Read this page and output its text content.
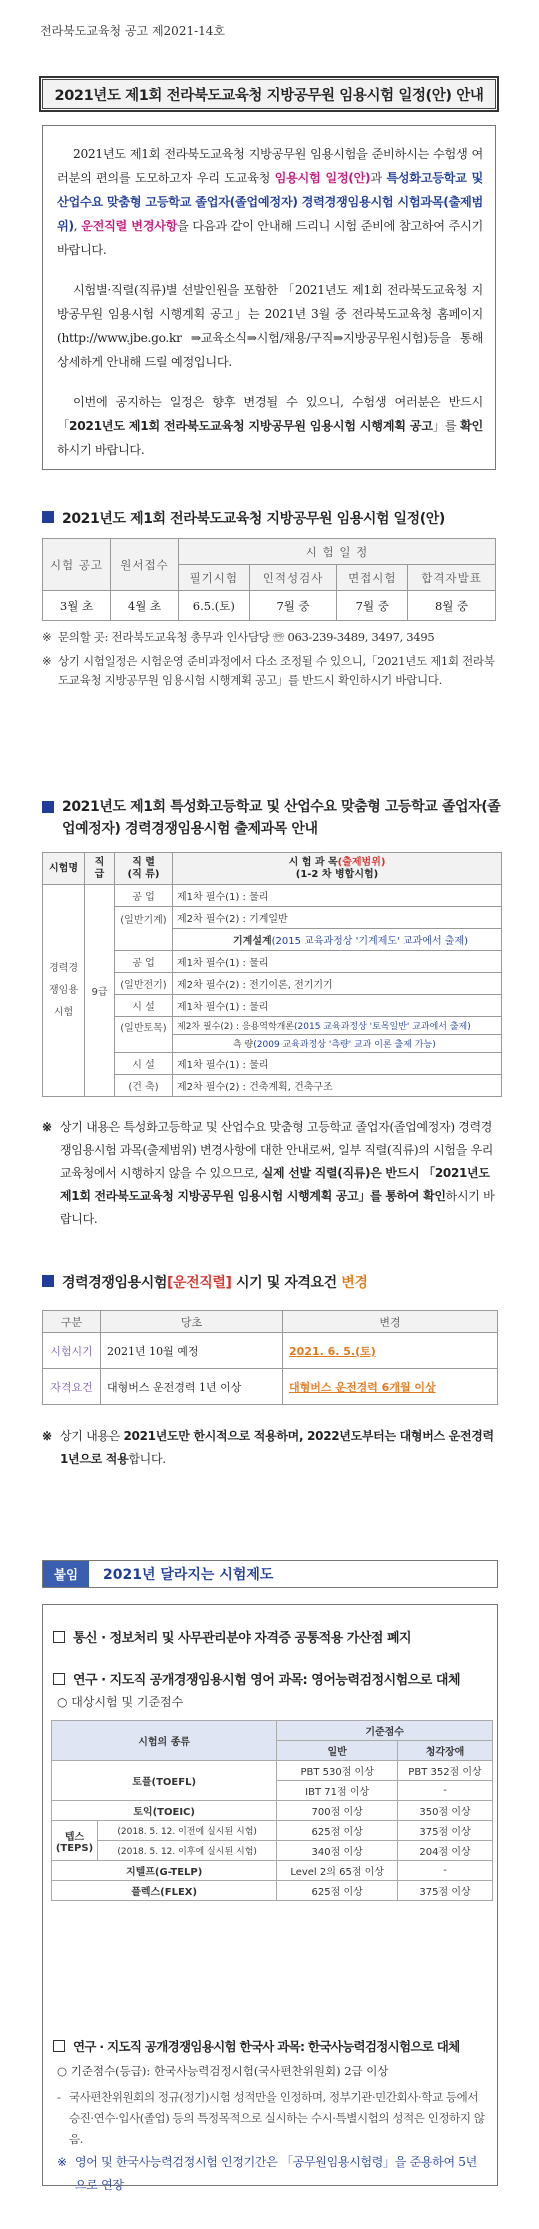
전라북도교육청 공고 제2021-14호
2021년도 제1회 전라북도교육청 지방공무원 임용시험 일정(안) 안내

2021년도 제1회 전라북도교육청 지방공무원 임용시험을 준비하시는 수험생 여러분의 편의를 도모하고자 우리 도교육청 임용시험 일정(안)과 특성화고등학교 및 산업수요 맞춤형 고등학교 졸업자(졸업예정자) 경력경쟁임용시험 시험과목(출제범위), 운전직렬 변경사항을 다음과 같이 안내해 드리니 시험 준비에 참고하여 주시기 바랍니다.

시험별·직렬(직류)별 선발인원을 포함한 「2021년도 제1회 전라북도교육청 지방공무원 임용시험 시행계획 공고」는 2021년 3월 중 전라북도교육청 홈페이지(http://www.jbe.go.kr ⇒교육소식⇒시험/채용/구직⇒지방공무원시험)등을 통해 상세하게 안내해 드릴 예정입니다.

이번에 공지하는 일정은 향후 변경될 수 있으니, 수험생 여러분은 반드시 「2021년도 제1회 전라북도교육청 지방공무원 임용시험 시행계획 공고」를 확인하시기 바랍니다.

2021년도 제1회 전라북도교육청 지방공무원 임용시험 일정(안)
시험 공고	원서접수	시 험 일 정			
		필기시험	인적성검사	면접시험	합격자발표
3월 초	4월 초	6.5.(토)	7월 중	7월 중	8월 중
※ 문의할 곳: 전라북도교육청 총무과 인사담당 ☏ 063-239-3489, 3497, 3495
※ 상기 시험일정은 시험운영 준비과정에서 다소 조정될 수 있으니,「2021년도 제1회 전라북도교육청 지방공무원 임용시험 시행계획 공고」를 반드시 확인하시기 바랍니다.
2021년도 제1회 특성화고등학교 및 산업수요 맞춤형 고등학교 졸업자(졸업예정자) 경력경쟁임용시험 출제과목 안내
시험명	직 급	직 렬
(직 류)	시 험 과 목(출제범위)
(1-2 차 병합시험)
경력경쟁임용시험	9급	공 업	제1차 필수(1) : 물리
		(일반기계)	제2차 필수(2) : 기계일반
			기계설계(2015 교육과정상 '기계제도' 교과에서 출제)
		공 업	제1차 필수(1) : 물리
		(일반전기)	제2차 필수(2) : 전기이론, 전기기기
		시 설	제1차 필수(1) : 물리
		(일반토목)	제2차 필수(2) : 응용역학개론(2015 교육과정상 '토목일반' 교과에서 출제)
			측 량(2009 교육과정상 '측량' 교과 이론 출제 가능)
		시 설	제1차 필수(1) : 물리
		(건 축)	제2차 필수(2) : 건축계획, 건축구조
※ 상기 내용은 특성화고등학교 및 산업수요 맞춤형 고등학교 졸업자(졸업예정자) 경력경쟁임용시험 과목(출제범위) 변경사항에 대한 안내로써, 일부 직렬(직류)의 시험을 우리 교육청에서 시행하지 않을 수 있으므로, 실제 선발 직렬(직류)은 반드시 「2021년도 제1회 전라북도교육청 지방공무원 임용시험 시행계획 공고」를 통하여 확인하시기 바랍니다.
경력경쟁임용시험[운전직렬] 시기 및 자격요건 변경
구분	당초	변경
시험시기	2021년 10월 예정	2021. 6. 5.(토)
자격요건	대형버스 운전경력 1년 이상	대형버스 운전경력 6개월 이상
※ 상기 내용은 2021년도만 한시적으로 적용하며, 2022년도부터는 대형버스 운전경력 1년으로 적용합니다.
붙임	2021년 달라지는 시험제도
통신 · 정보처리 및 사무관리분야 자격증 공통적용 가산점 폐지
연구 · 지도직 공개경쟁임용시험 영어 과목: 영어능력검정시험으로 대체
○ 대상시험 및 기준점수
시험의 종류		기준점수	
		일반	청각장애
토플(TOEFL)		PBT 530점 이상	PBT 352점 이상
		IBT 71점 이상	-
토익(TOEIC)		700점 이상	350점 이상
텝스
(TEPS)	(2018. 5. 12. 이전에 실시된 시험)	625점 이상	375점 이상
	(2018. 5. 12. 이후에 실시된 시험)	340점 이상	204점 이상
지텔프(G-TELP)		Level 2의 65점 이상	-
플렉스(FLEX)		625점 이상	375점 이상
연구 · 지도직 공개경쟁임용시험 한국사 과목: 한국사능력검정시험으로 대체
○ 기준점수(등급): 한국사능력검정시험(국사편찬위원회) 2급 이상
- 국사편찬위원회의 정규(정기)시험 성적만을 인정하며, 정부기관·민간회사·학교 등에서 승진·연수·입사(졸업) 등의 특정목적으로 실시하는 수시·특별시험의 성적은 인정하지 않음.
※ 영어 및 한국사능력검정시험 인정기간은 「공무원임용시험령」을 준용하여 5년으로 연장
